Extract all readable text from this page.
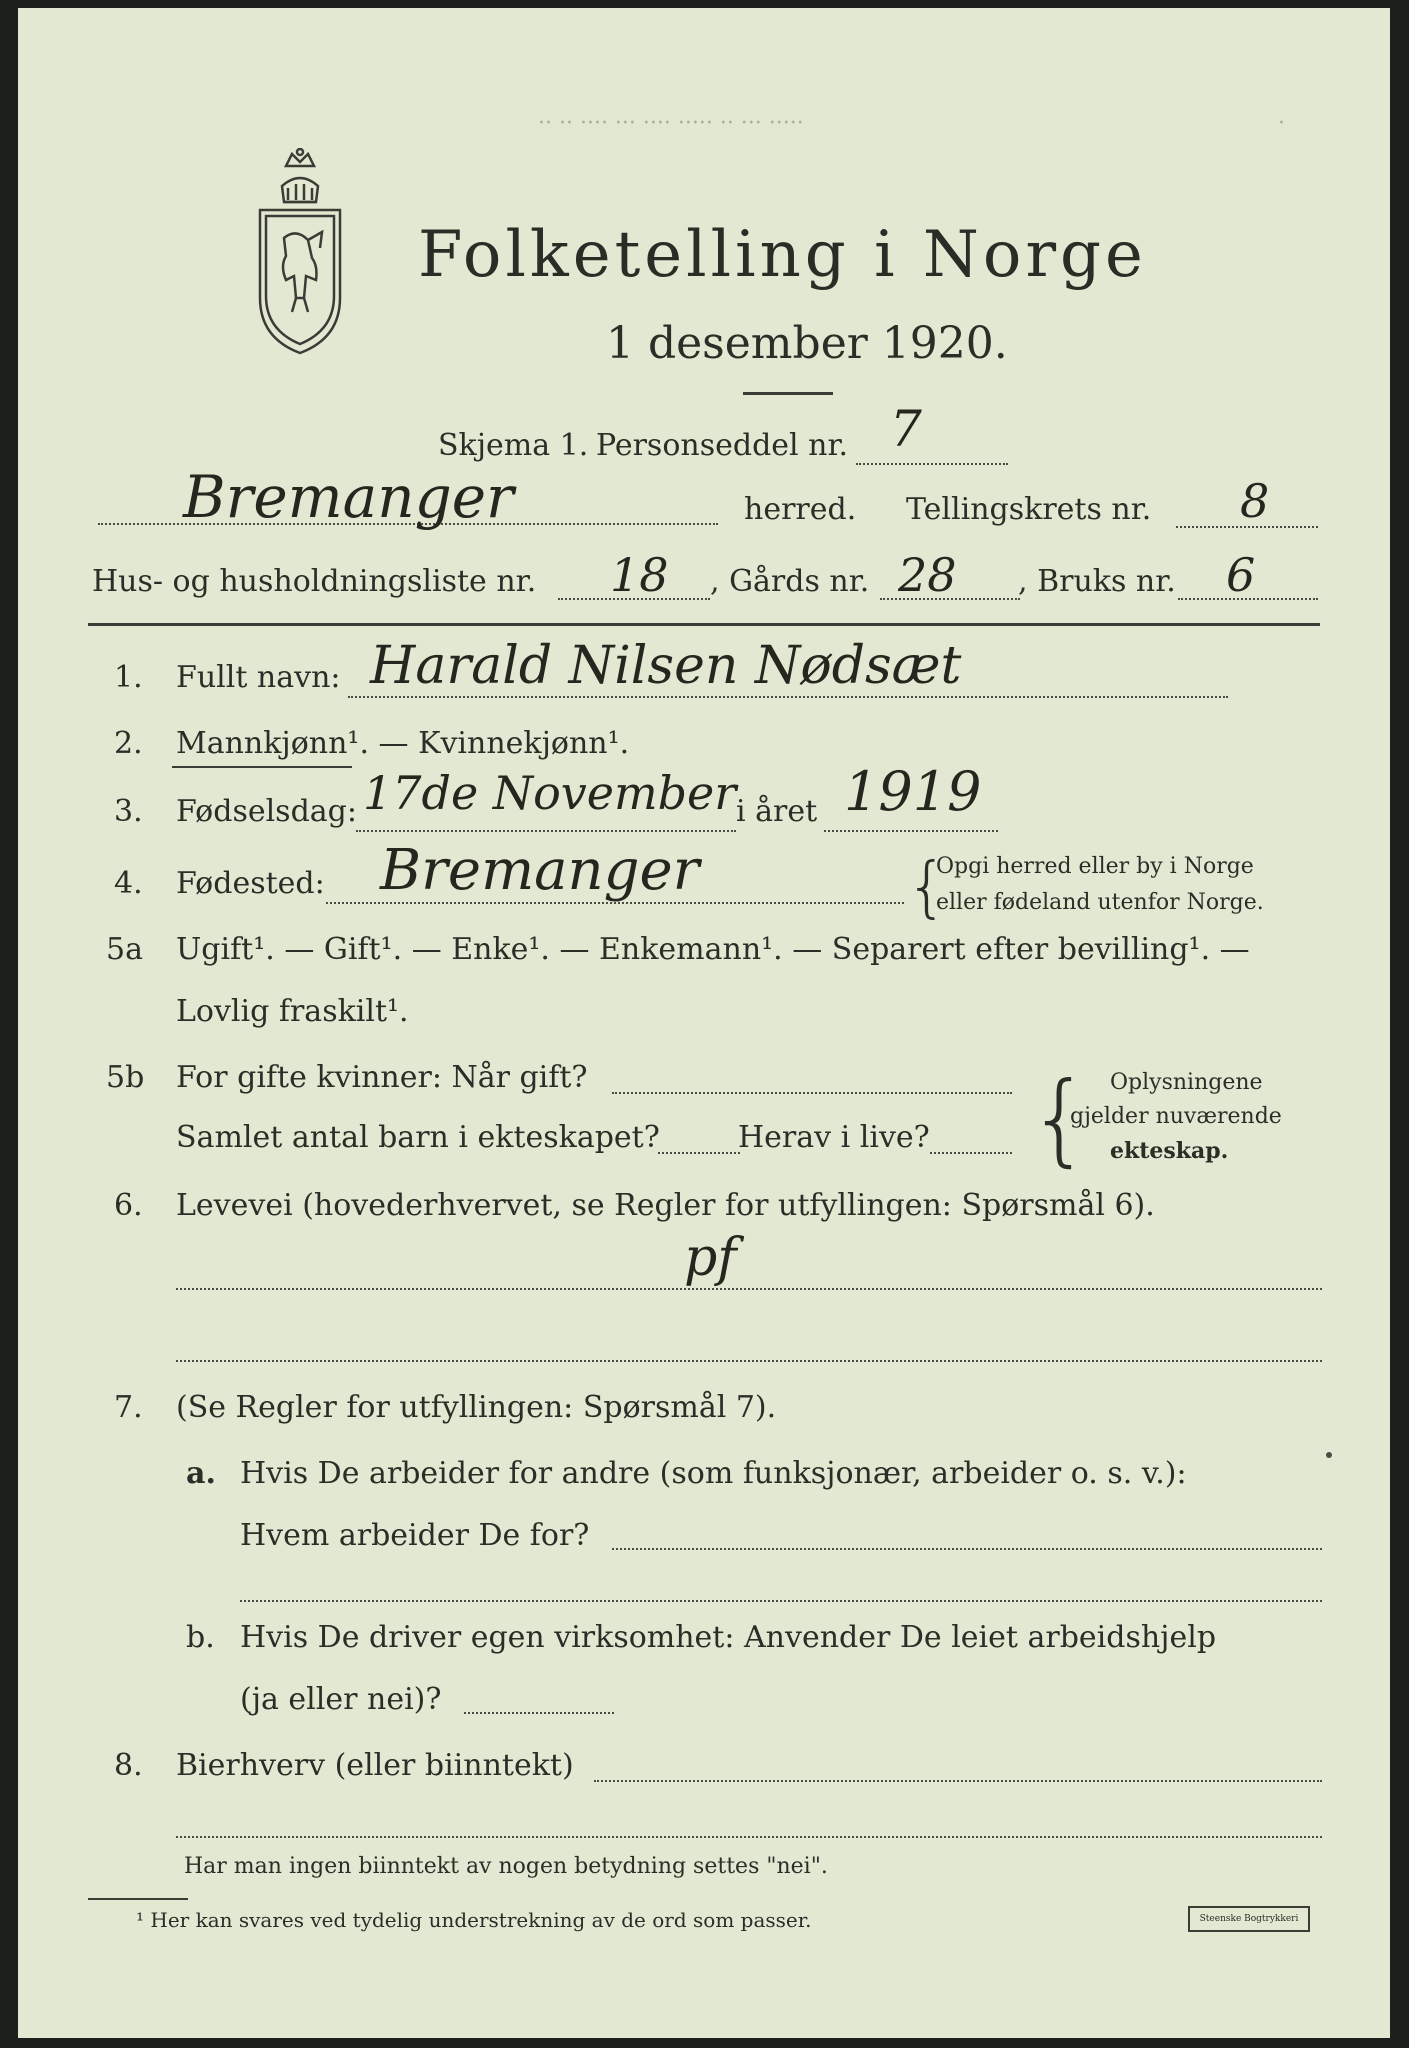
·· ·· ···· ··· ···· ····· ·· ··· ·····	·
Folketelling i Norge
1 desember 1920.
Skjema 1. Personseddel nr. 7
Bremanger	herred. Tellingskrets nr. 8
Hus- og husholdningsliste nr. 18 , Gårds nr. 28 , Bruks nr. 6
1. Fullt navn: Harald Nilsen Nødsæt
2. Mannkjønn¹. — Kvinnekjønn¹.
3. Fødselsdag: 17de November i året 1919
4. Fødested: Bremanger	{
Opgi herred eller by i Norge
eller fødeland utenfor Norge.
5a Ugift¹. — Gift¹. — Enke¹. — Enkemann¹. — Separert efter bevilling¹. —
Lovlig fraskilt¹.
5b For gifte kvinner: Når gift?
Samlet antal barn i ekteskapet?	Herav i live? { Oplysningene
gjelder nuværende
ekteskap.
6. Levevei (hovederhvervet, se Regler for utfyllingen: Spørsmål 6).
pf
7. (Se Regler for utfyllingen: Spørsmål 7).
a. Hvis De arbeider for andre (som funksjonær, arbeider o. s. v.):
Hvem arbeider De for?
b. Hvis De driver egen virksomhet: Anvender De leiet arbeidshjelp
(ja eller nei)?
8. Bierhverv (eller biinntekt)
Har man ingen biinntekt av nogen betydning settes "nei".
¹ Her kan svares ved tydelig understrekning av de ord som passer.	Steenske Bogtrykkeri
